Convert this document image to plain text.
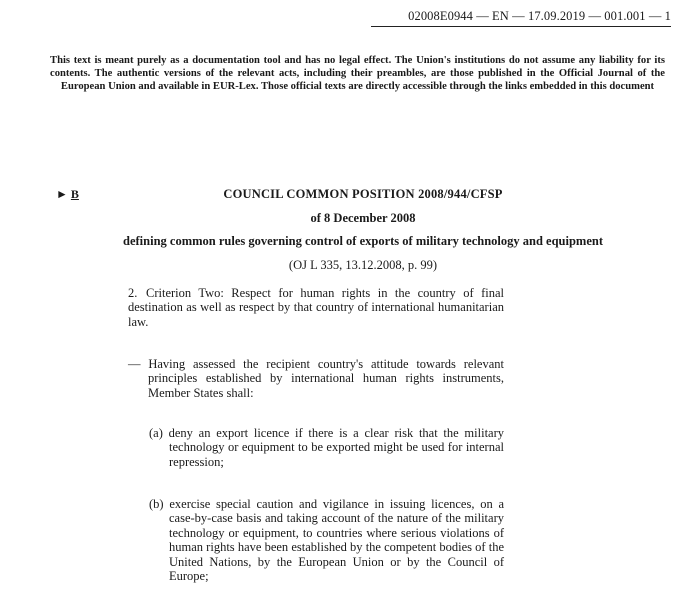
02008E0944 — EN — 17.09.2019 — 001.001 — 1
This text is meant purely as a documentation tool and has no legal effect. The Union's institutions do not assume any liability for its contents. The authentic versions of the relevant acts, including their preambles, are those published in the Official Journal of the European Union and available in EUR-Lex. Those official texts are directly accessible through the links embedded in this document
► B	COUNCIL COMMON POSITION 2008/944/CFSP
of 8 December 2008
defining common rules governing control of exports of military technology and equipment
(OJ L 335, 13.12.2008, p. 99)
2. Criterion Two: Respect for human rights in the country of final destination as well as respect by that country of international humanitarian law.
— Having assessed the recipient country's attitude towards relevant principles established by international human rights instruments, Member States shall:
(a) deny an export licence if there is a clear risk that the military technology or equipment to be exported might be used for internal repression;
(b) exercise special caution and vigilance in issuing licences, on a case-by-case basis and taking account of the nature of the military technology or equipment, to countries where serious violations of human rights have been established by the competent bodies of the United Nations, by the European Union or by the Council of Europe;
